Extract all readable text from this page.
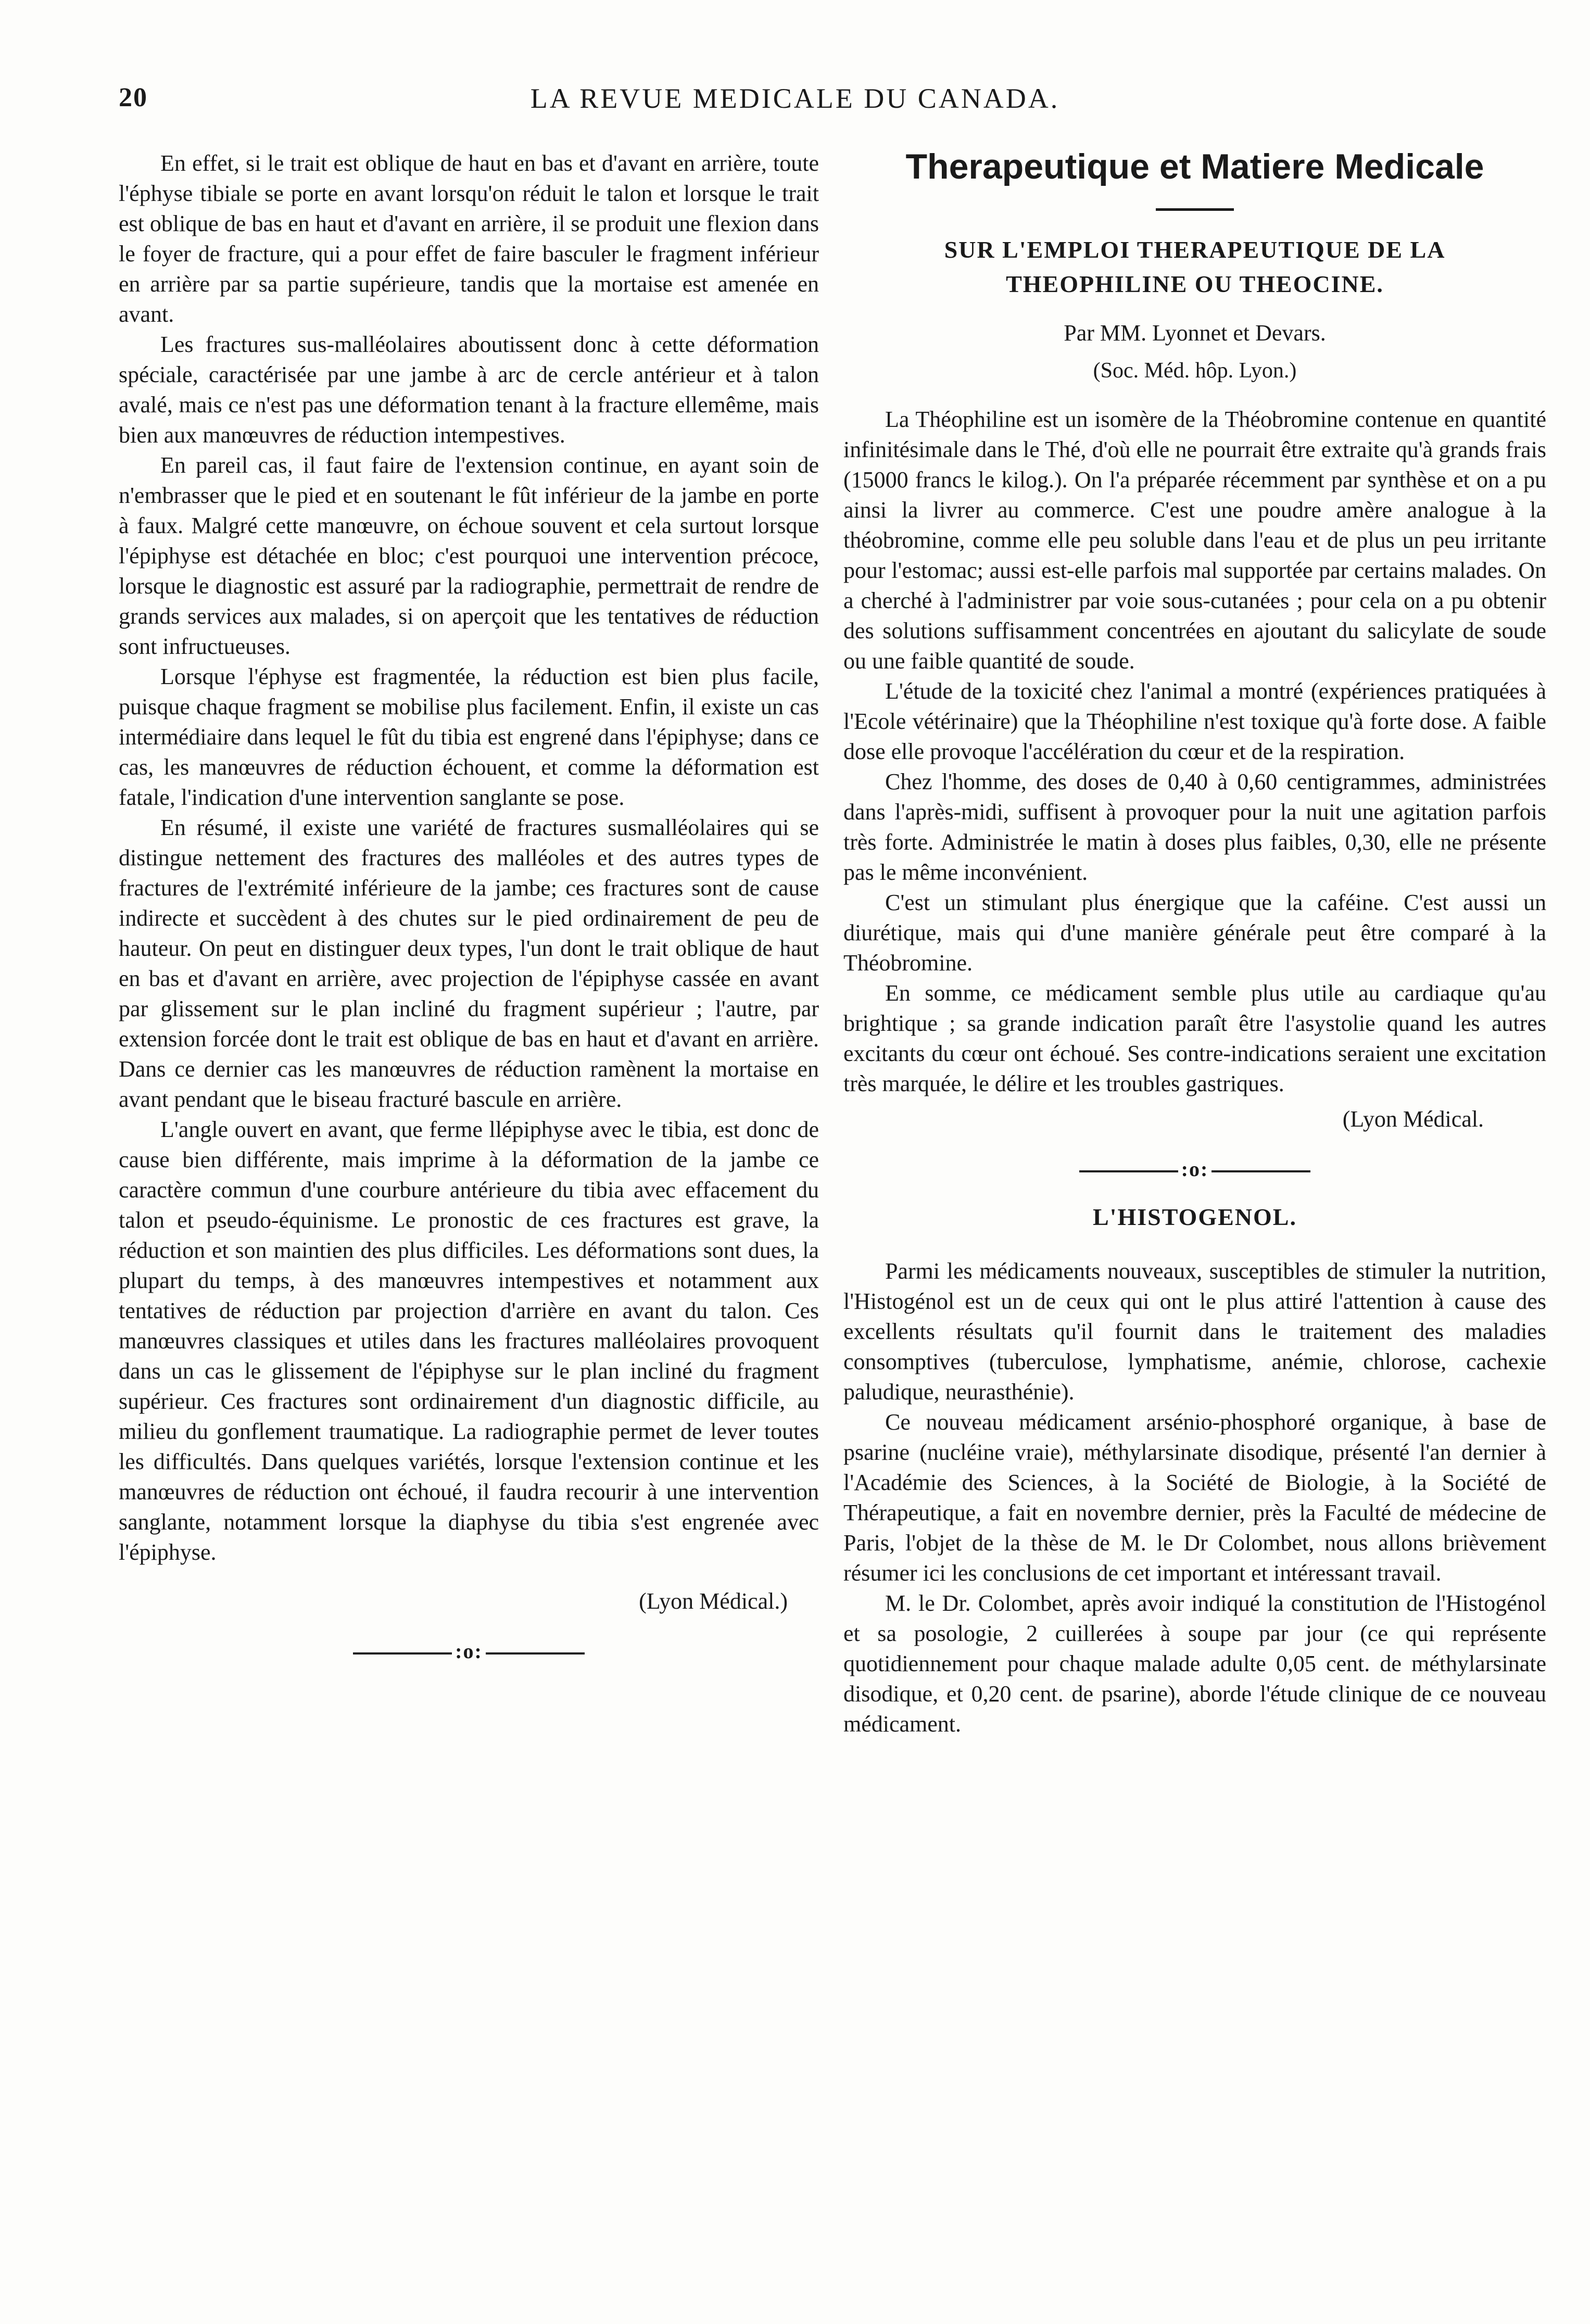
20	LA REVUE MEDICALE DU CANADA.

En effet, si le trait est oblique de haut en bas et d'avant en arrière, toute l'éphyse tibiale se porte en avant lorsqu'on réduit le talon et lorsque le trait est oblique de bas en haut et d'avant en arrière, il se produit une flexion dans le foyer de fracture, qui a pour effet de faire basculer le fragment inférieur en arrière par sa partie supérieure, tandis que la mortaise est amenée en avant.

Les fractures sus-malléolaires aboutissent donc à cette déformation spéciale, caractérisée par une jambe à arc de cercle antérieur et à talon avalé, mais ce n'est pas une déformation tenant à la fracture ellemême, mais bien aux manœuvres de réduction intempestives.

En pareil cas, il faut faire de l'extension continue, en ayant soin de n'embrasser que le pied et en soutenant le fût inférieur de la jambe en porte à faux. Malgré cette manœuvre, on échoue souvent et cela surtout lorsque l'épiphyse est détachée en bloc; c'est pourquoi une intervention précoce, lorsque le diagnostic est assuré par la radiographie, permettrait de rendre de grands services aux malades, si on aperçoit que les tentatives de réduction sont infructueuses.

Lorsque l'éphyse est fragmentée, la réduction est bien plus facile, puisque chaque fragment se mobilise plus facilement. Enfin, il existe un cas intermédiaire dans lequel le fût du tibia est engrené dans l'épiphyse; dans ce cas, les manœuvres de réduction échouent, et comme la déformation est fatale, l'indication d'une intervention sanglante se pose.

En résumé, il existe une variété de fractures susmalléolaires qui se distingue nettement des fractures des malléoles et des autres types de fractures de l'extrémité inférieure de la jambe; ces fractures sont de cause indirecte et succèdent à des chutes sur le pied ordinairement de peu de hauteur. On peut en distinguer deux types, l'un dont le trait oblique de haut en bas et d'avant en arrière, avec projection de l'épiphyse cassée en avant par glissement sur le plan incliné du fragment supérieur ; l'autre, par extension forcée dont le trait est oblique de bas en haut et d'avant en arrière. Dans ce dernier cas les manœuvres de réduction ramènent la mortaise en avant pendant que le biseau fracturé bascule en arrière.

L'angle ouvert en avant, que ferme llépiphyse avec le tibia, est donc de cause bien différente, mais imprime à la déformation de la jambe ce caractère commun d'une courbure antérieure du tibia avec effacement du talon et pseudo-équinisme. Le pronostic de ces fractures est grave, la réduction et son maintien des plus difficiles. Les déformations sont dues, la plupart du temps, à des manœuvres intempestives et notamment aux tentatives de réduction par projection d'arrière en avant du talon. Ces manœuvres classiques et utiles dans les fractures malléolaires provoquent dans un cas le glissement de l'épiphyse sur le plan incliné du fragment supérieur. Ces fractures sont ordinairement d'un diagnostic difficile, au milieu du gonflement traumatique. La radiographie permet de lever toutes les difficultés. Dans quelques variétés, lorsque l'extension continue et les manœuvres de réduction ont échoué, il faudra recourir à une intervention sanglante, notamment lorsque la diaphyse du tibia s'est engrenée avec l'épiphyse.

(Lyon Médical.)
:o:
Therapeutique et Matiere Medicale
SUR L'EMPLOI THERAPEUTIQUE DE LA THEOPHILINE OU THEOCINE.
Par MM. Lyonnet et Devars.
(Soc. Méd. hôp. Lyon.)

La Théophiline est un isomère de la Théobromine contenue en quantité infinitésimale dans le Thé, d'où elle ne pourrait être extraite qu'à grands frais (15000 francs le kilog.). On l'a préparée récemment par synthèse et on a pu ainsi la livrer au commerce. C'est une poudre amère analogue à la théobromine, comme elle peu soluble dans l'eau et de plus un peu irritante pour l'estomac; aussi est-elle parfois mal supportée par certains malades. On a cherché à l'administrer par voie sous-cutanées ; pour cela on a pu obtenir des solutions suffisamment concentrées en ajoutant du salicylate de soude ou une faible quantité de soude.

L'étude de la toxicité chez l'animal a montré (expériences pratiquées à l'Ecole vétérinaire) que la Théophiline n'est toxique qu'à forte dose. A faible dose elle provoque l'accélération du cœur et de la respiration.

Chez l'homme, des doses de 0,40 à 0,60 centigrammes, administrées dans l'après-midi, suffisent à provoquer pour la nuit une agitation parfois très forte. Administrée le matin à doses plus faibles, 0,30, elle ne présente pas le même inconvénient.

C'est un stimulant plus énergique que la caféine. C'est aussi un diurétique, mais qui d'une manière générale peut être comparé à la Théobromine.

En somme, ce médicament semble plus utile au cardiaque qu'au brightique ; sa grande indication paraît être l'asystolie quand les autres excitants du cœur ont échoué. Ses contre-indications seraient une excitation très marquée, le délire et les troubles gastriques.

(Lyon Médical.
:o:
L'HISTOGENOL.

Parmi les médicaments nouveaux, susceptibles de stimuler la nutrition, l'Histogénol est un de ceux qui ont le plus attiré l'attention à cause des excellents résultats qu'il fournit dans le traitement des maladies consomptives (tuberculose, lymphatisme, anémie, chlorose, cachexie paludique, neurasthénie).

Ce nouveau médicament arsénio-phosphoré organique, à base de psarine (nucléine vraie), méthylarsinate disodique, présenté l'an dernier à l'Académie des Sciences, à la Société de Biologie, à la Société de Thérapeutique, a fait en novembre dernier, près la Faculté de médecine de Paris, l'objet de la thèse de M. le Dr Colombet, nous allons brièvement résumer ici les conclusions de cet important et intéressant travail.

M. le Dr. Colombet, après avoir indiqué la constitution de l'Histogénol et sa posologie, 2 cuillerées à soupe par jour (ce qui représente quotidiennement pour chaque malade adulte 0,05 cent. de méthylarsinate disodique, et 0,20 cent. de psarine), aborde l'étude clinique de ce nouveau médicament.
